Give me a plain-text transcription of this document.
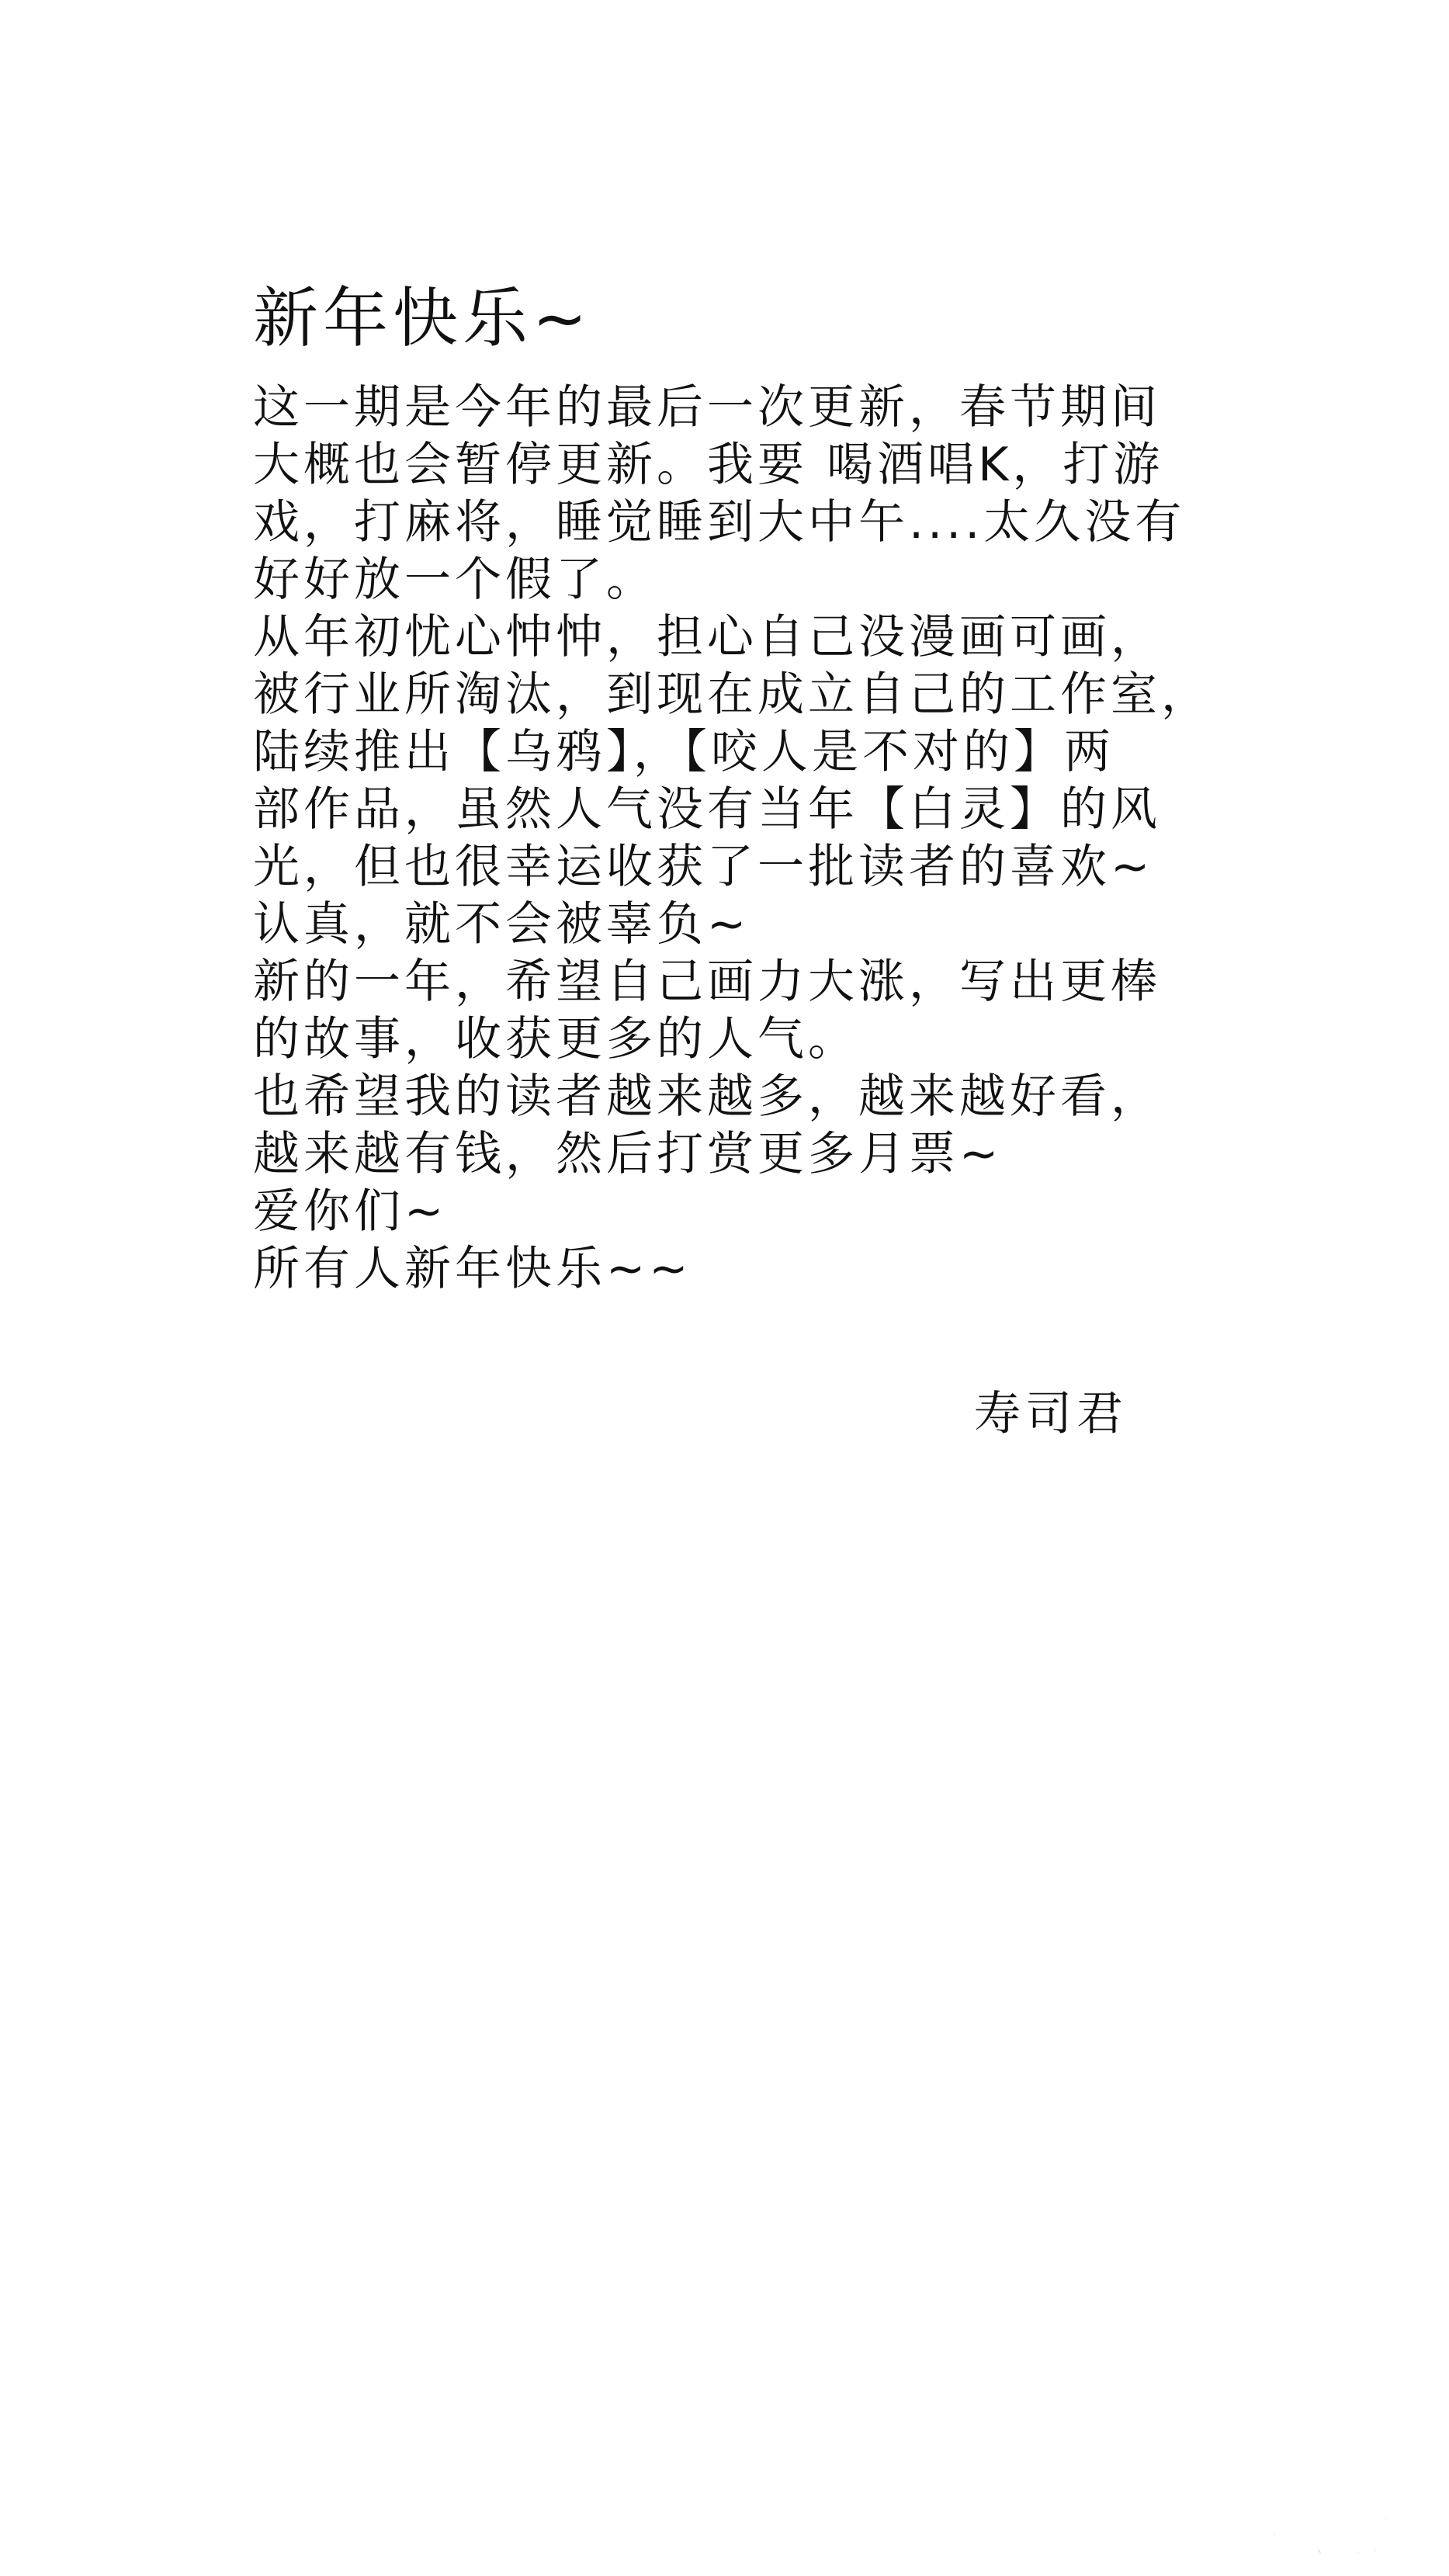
新年快乐~
这一期是今年的最后一次更新，春节期间
大概也会暂停更新。我要 喝酒唱K，打游
戏，打麻将，睡觉睡到大中午....太久没有
好好放一个假了。
从年初忧心忡忡，担心自己没漫画可画，
被行业所淘汰，到现在成立自己的工作室，
陆续推出【乌鸦】，【咬人是不对的】两
部作品，虽然人气没有当年【白灵】的风
光，但也很幸运收获了一批读者的喜欢~
认真，就不会被辜负~
新的一年，希望自己画力大涨，写出更棒
的故事，收获更多的人气。
也希望我的读者越来越多，越来越好看，
越来越有钱，然后打赏更多月票~
爱你们~
所有人新年快乐~~
寿司君
腾讯动漫
